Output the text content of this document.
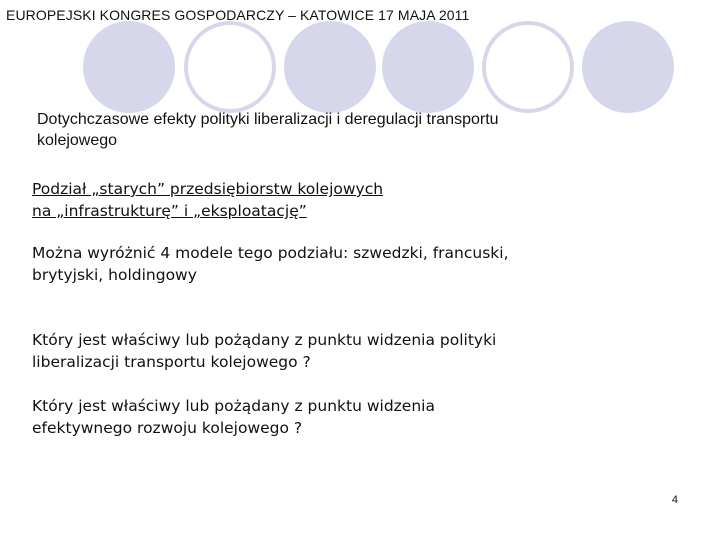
EUROPEJSKI KONGRES GOSPODARCZY – KATOWICE 17 MAJA 2011
Dotychczasowe efekty polityki liberalizacji i deregulacji transportu
kolejowego
Podział „starych” przedsiębiorstw kolejowych
na „infrastrukturę” i „eksploatację”
Można wyróżnić 4 modele tego podziału: szwedzki, francuski,
brytyjski, holdingowy
Który jest właściwy lub pożądany z punktu widzenia polityki
liberalizacji transportu kolejowego ?
Który jest właściwy lub pożądany z punktu widzenia
efektywnego rozwoju kolejowego ?
4
